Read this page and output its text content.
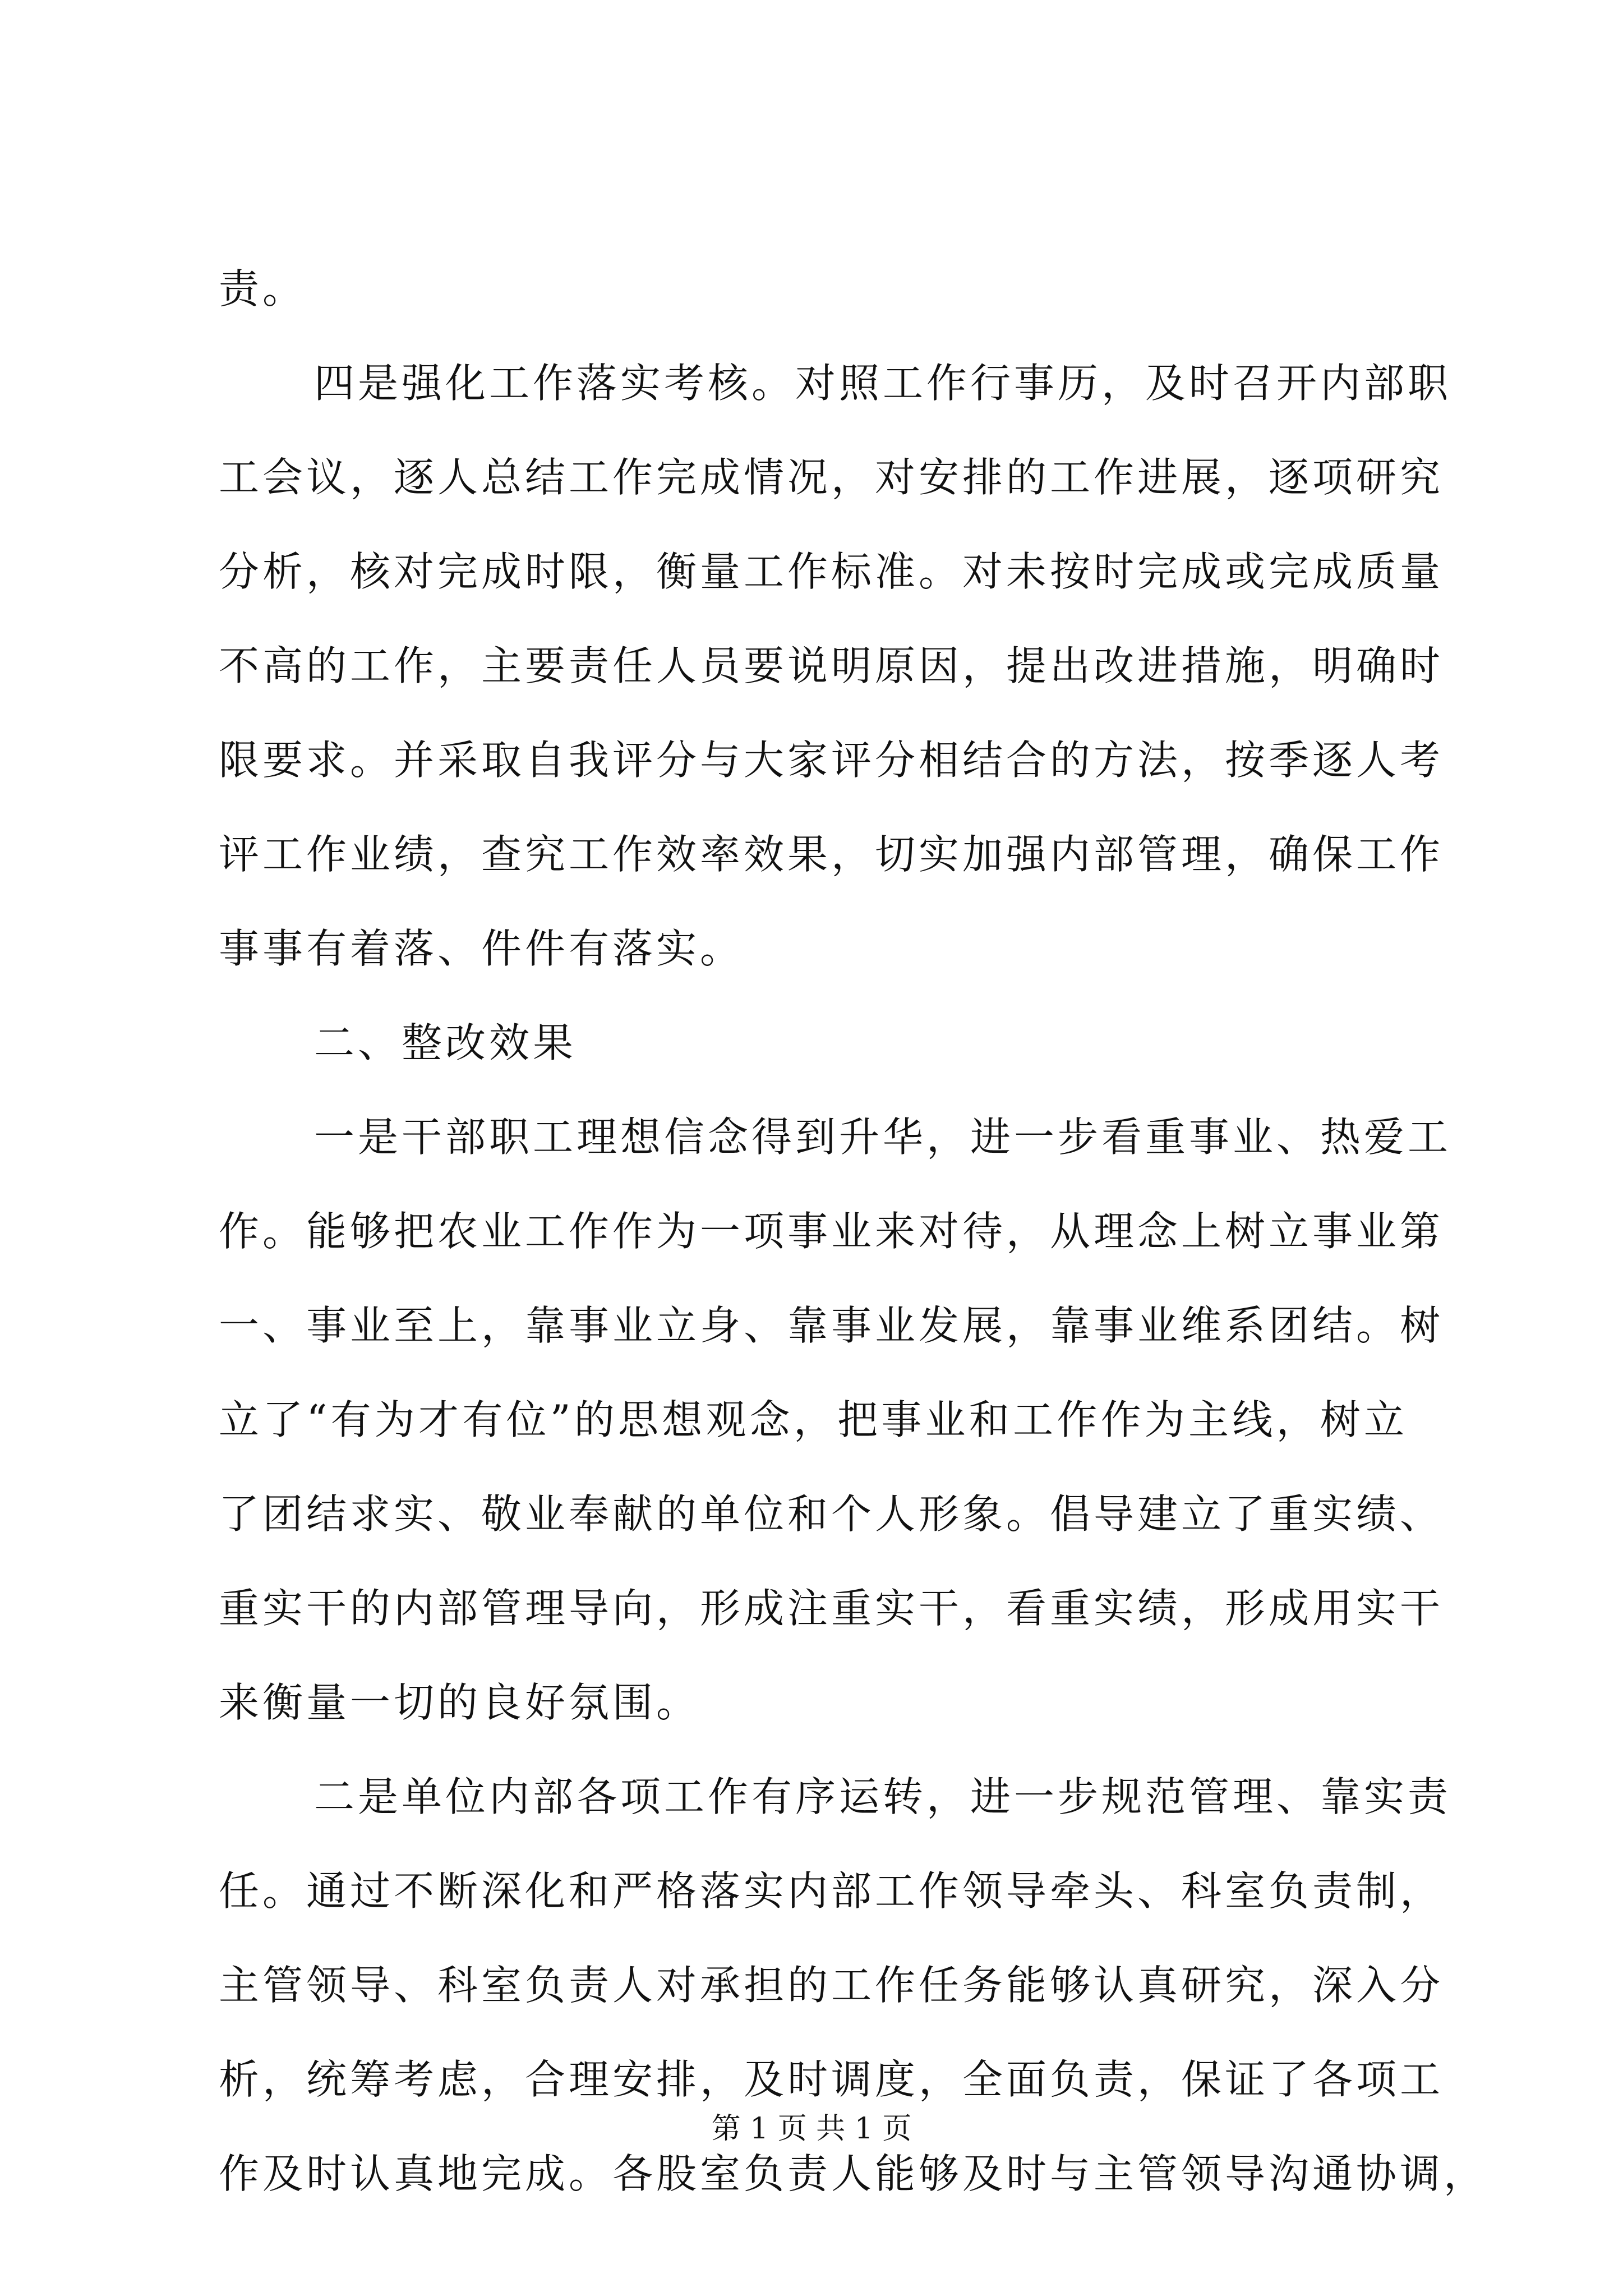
责。
四是强化工作落实考核。对照工作行事历，及时召开内部职
工会议，逐人总结工作完成情况，对安排的工作进展，逐项研究
分析，核对完成时限，衡量工作标准。对未按时完成或完成质量
不高的工作，主要责任人员要说明原因，提出改进措施，明确时
限要求。并采取自我评分与大家评分相结合的方法，按季逐人考
评工作业绩，查究工作效率效果，切实加强内部管理，确保工作
事事有着落、件件有落实。
二、整改效果
一是干部职工理想信念得到升华，进一步看重事业、热爱工
作。能够把农业工作作为一项事业来对待，从理念上树立事业第
一、事业至上，靠事业立身、靠事业发展，靠事业维系团结。树
立了“有为才有位”的思想观念，把事业和工作作为主线，树立
了团结求实、敬业奉献的单位和个人形象。倡导建立了重实绩、
重实干的内部管理导向，形成注重实干，看重实绩，形成用实干
来衡量一切的良好氛围。
二是单位内部各项工作有序运转，进一步规范管理、靠实责
任。通过不断深化和严格落实内部工作领导牵头、科室负责制，
主管领导、科室负责人对承担的工作任务能够认真研究，深入分
析，统筹考虑，合理安排，及时调度，全面负责，保证了各项工
作及时认真地完成。各股室负责人能够及时与主管领导沟通协调，
第 1 页 共 1 页
